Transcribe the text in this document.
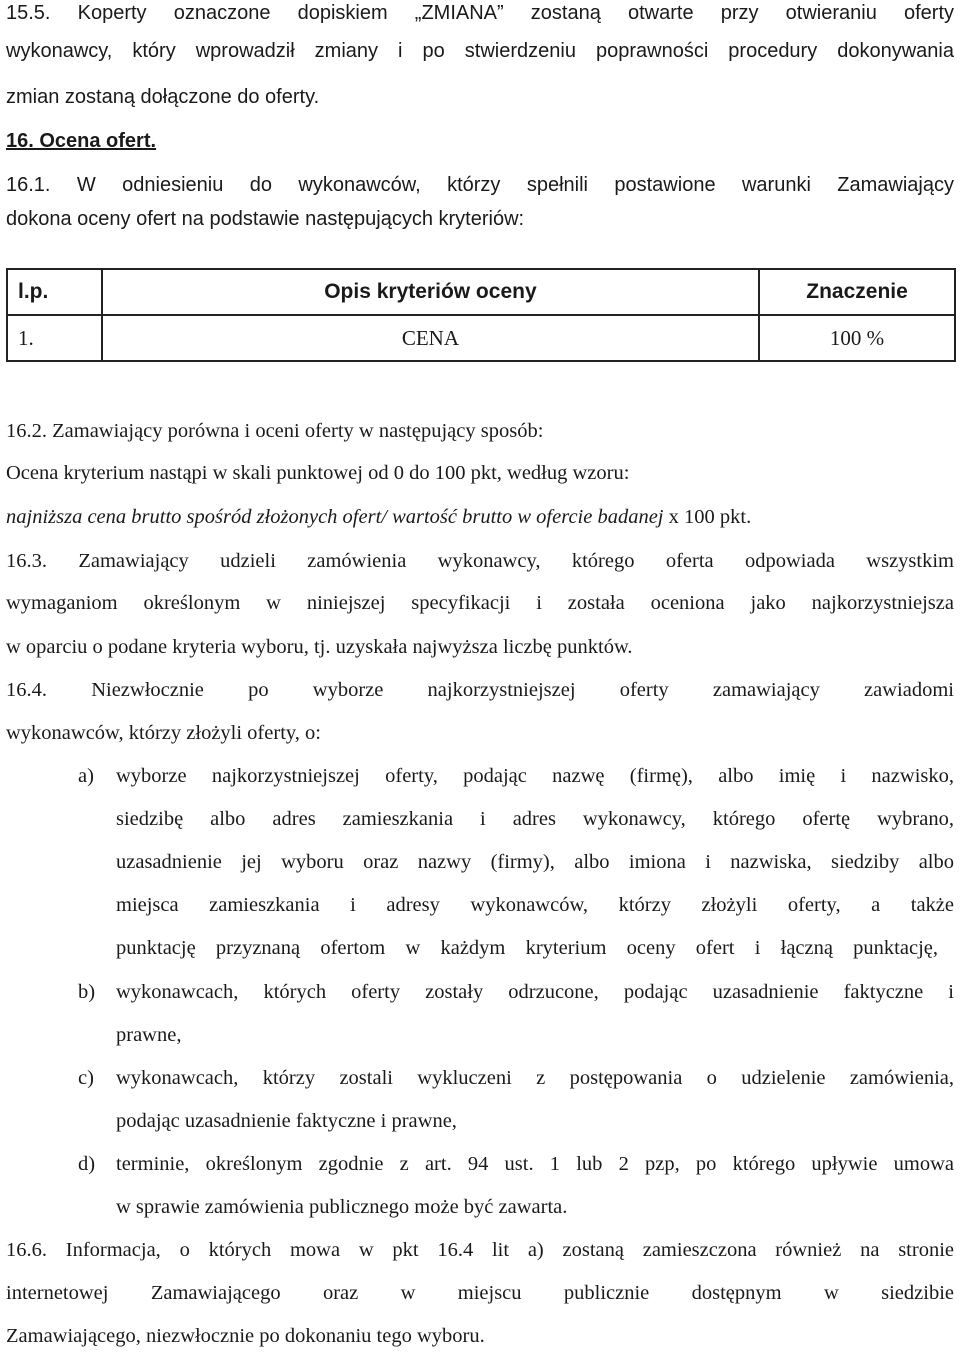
15.5. Koperty oznaczone dopiskiem „ZMIANA” zostaną otwarte przy otwieraniu oferty
wykonawcy, który wprowadził zmiany i po stwierdzeniu poprawności procedury dokonywania
zmian zostaną dołączone do oferty.
16. Ocena ofert.
16.1. W odniesieniu do wykonawców, którzy spełnili postawione warunki Zamawiający
dokona oceny ofert na podstawie następujących kryteriów:
l.p.	Opis kryteriów oceny	Znaczenie
1.	CENA	100 %
16.2. Zamawiający porówna i oceni oferty w następujący sposób:
Ocena kryterium nastąpi w skali punktowej od 0 do 100 pkt, według wzoru:
najniższa cena brutto spośród złożonych ofert/ wartość brutto w ofercie badanej x 100 pkt.
16.3. Zamawiający udzieli zamówienia wykonawcy, którego oferta odpowiada wszystkim
wymaganiom określonym w niniejszej specyfikacji i została oceniona jako najkorzystniejsza
w oparciu o podane kryteria wyboru, tj. uzyskała najwyższa liczbę punktów.
16.4. Niezwłocznie po wyborze najkorzystniejszej oferty zamawiający zawiadomi
wykonawców, którzy złożyli oferty, o:
a) wyborze najkorzystniejszej oferty, podając nazwę (firmę), albo imię i nazwisko,
siedzibę albo adres zamieszkania i adres wykonawcy, którego ofertę wybrano,
uzasadnienie jej wyboru oraz nazwy (firmy), albo imiona i nazwiska, siedziby albo
miejsca zamieszkania i adresy wykonawców, którzy złożyli oferty, a także
punktację przyznaną ofertom w każdym kryterium oceny ofert i łączną punktację,
b) wykonawcach, których oferty zostały odrzucone, podając uzasadnienie faktyczne i
prawne,
c) wykonawcach, którzy zostali wykluczeni z postępowania o udzielenie zamówienia,
podając uzasadnienie faktyczne i prawne,
d) terminie, określonym zgodnie z art. 94 ust. 1 lub 2 pzp, po którego upływie umowa
w sprawie zamówienia publicznego może być zawarta.
16.6. Informacja, o których mowa w pkt 16.4 lit a) zostaną zamieszczona również na stronie
internetowej Zamawiającego oraz w miejscu publicznie dostępnym w siedzibie
Zamawiającego, niezwłocznie po dokonaniu tego wyboru.
